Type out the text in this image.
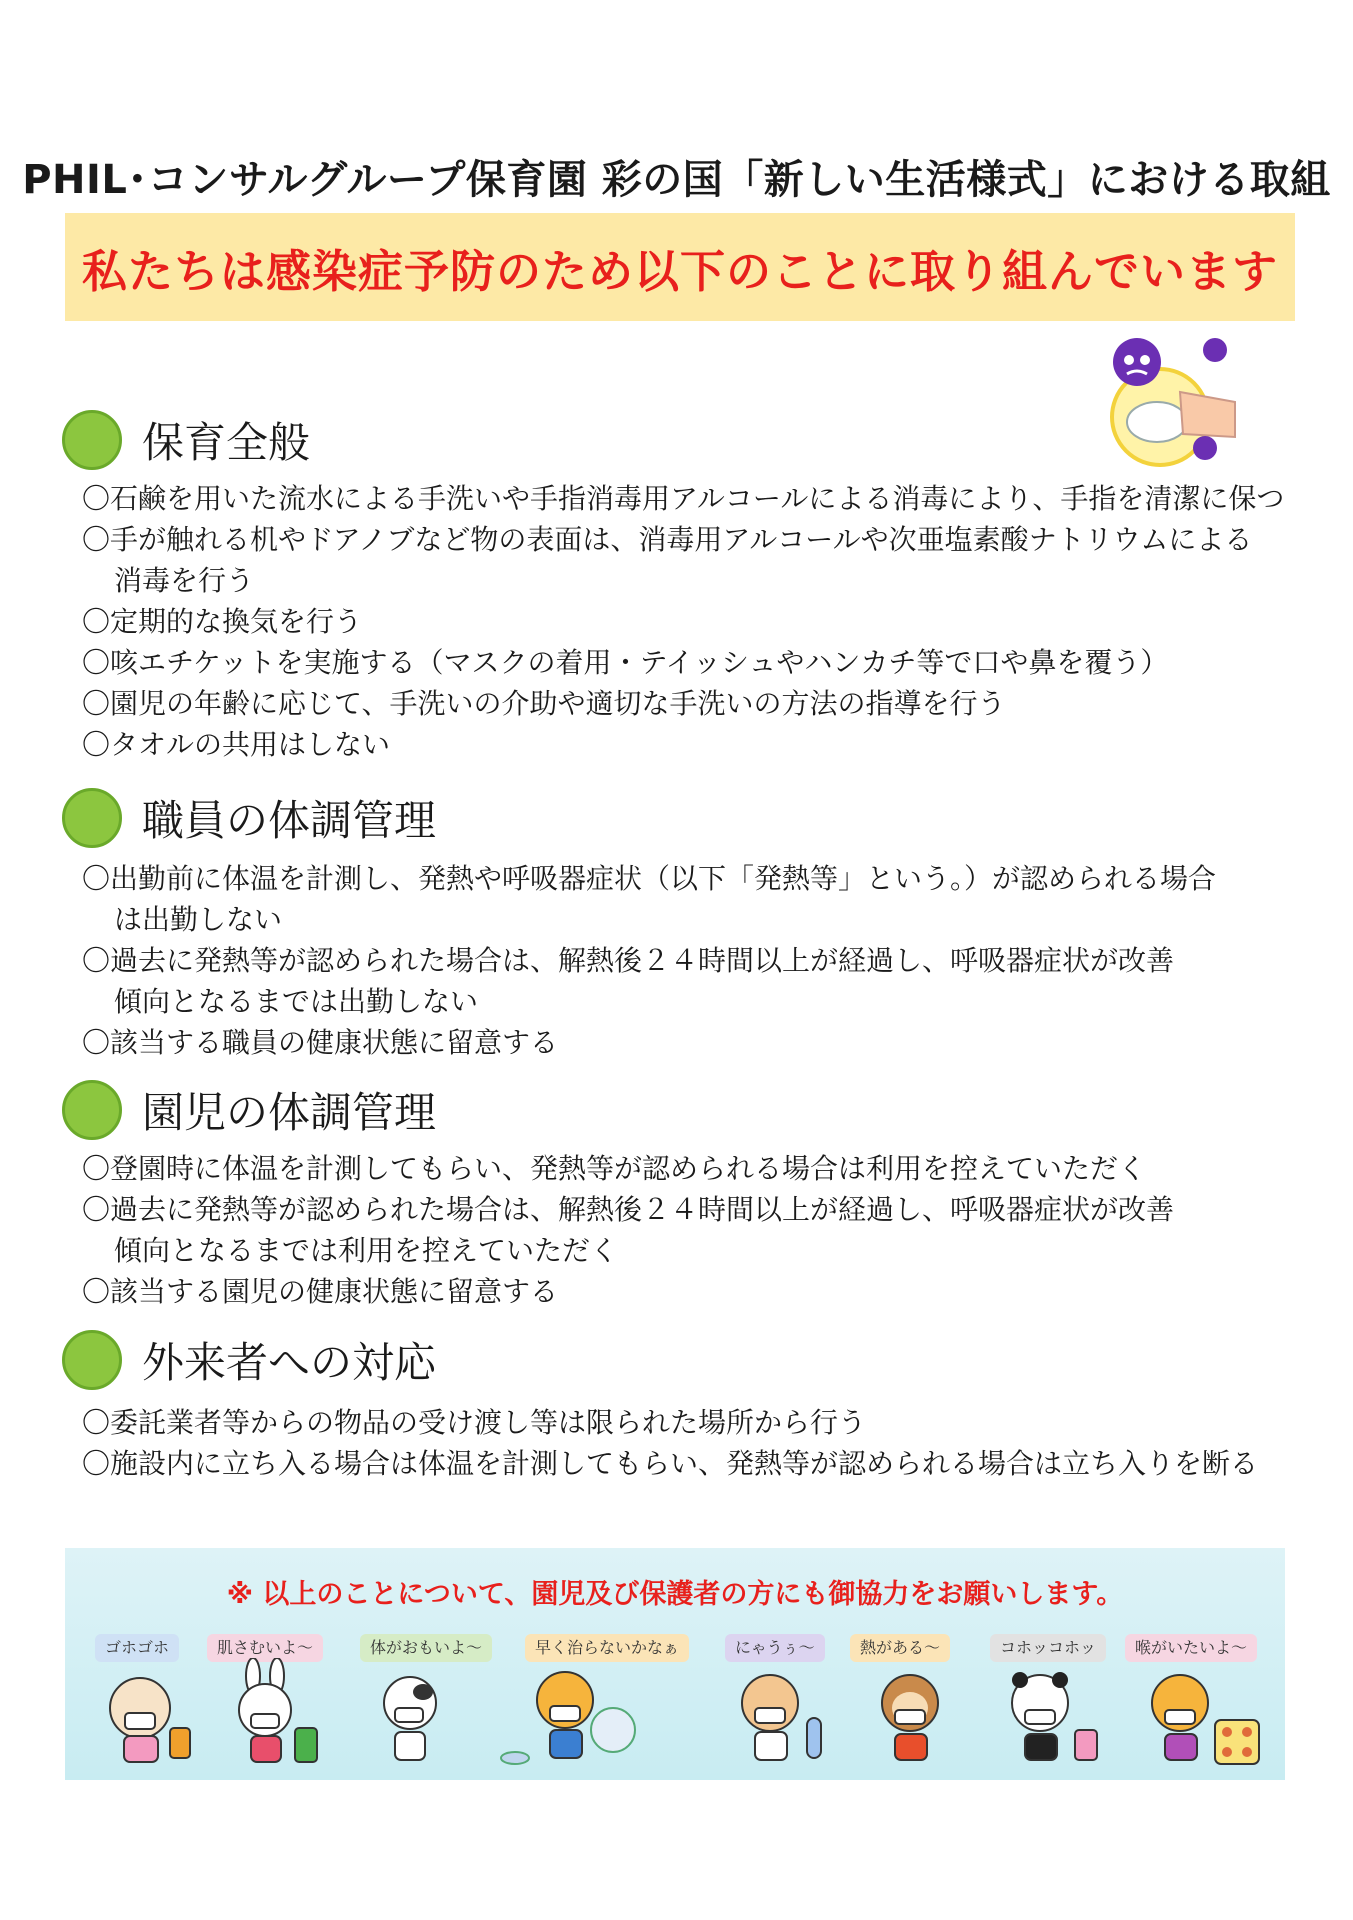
PHIL･コンサルグループ保育園 彩の国「新しい生活様式」における取組
私たちは感染症予防のため以下のことに取り組んでいます
保育全般
〇石鹸を用いた流水による手洗いや手指消毒用アルコールによる消毒により、手指を清潔に保つ
〇手が触れる机やドアノブなど物の表面は、消毒用アルコールや次亜塩素酸ナトリウムによる
消毒を行う
〇定期的な換気を行う
〇咳エチケットを実施する（マスクの着用・テイッシュやハンカチ等で口や鼻を覆う）
〇園児の年齢に応じて、手洗いの介助や適切な手洗いの方法の指導を行う
〇タオルの共用はしない
職員の体調管理
〇出勤前に体温を計測し、発熱や呼吸器症状（以下「発熱等」という。）が認められる場合
は出勤しない
〇過去に発熱等が認められた場合は、解熱後２４時間以上が経過し、呼吸器症状が改善
傾向となるまでは出勤しない
〇該当する職員の健康状態に留意する
園児の体調管理
〇登園時に体温を計測してもらい、発熱等が認められる場合は利用を控えていただく
〇過去に発熱等が認められた場合は、解熱後２４時間以上が経過し、呼吸器症状が改善
傾向となるまでは利用を控えていただく
〇該当する園児の健康状態に留意する
外来者への対応
〇委託業者等からの物品の受け渡し等は限られた場所から行う
〇施設内に立ち入る場合は体温を計測してもらい、発熱等が認められる場合は立ち入りを断る
※ 以上のことについて、園児及び保護者の方にも御協力をお願いします。
ゴホゴホ	肌さむいよ～	体がおもいよ～	早く治らないかなぁ	にゃうぅ～	熱がある～	コホッコホッ	喉がいたいよ～
